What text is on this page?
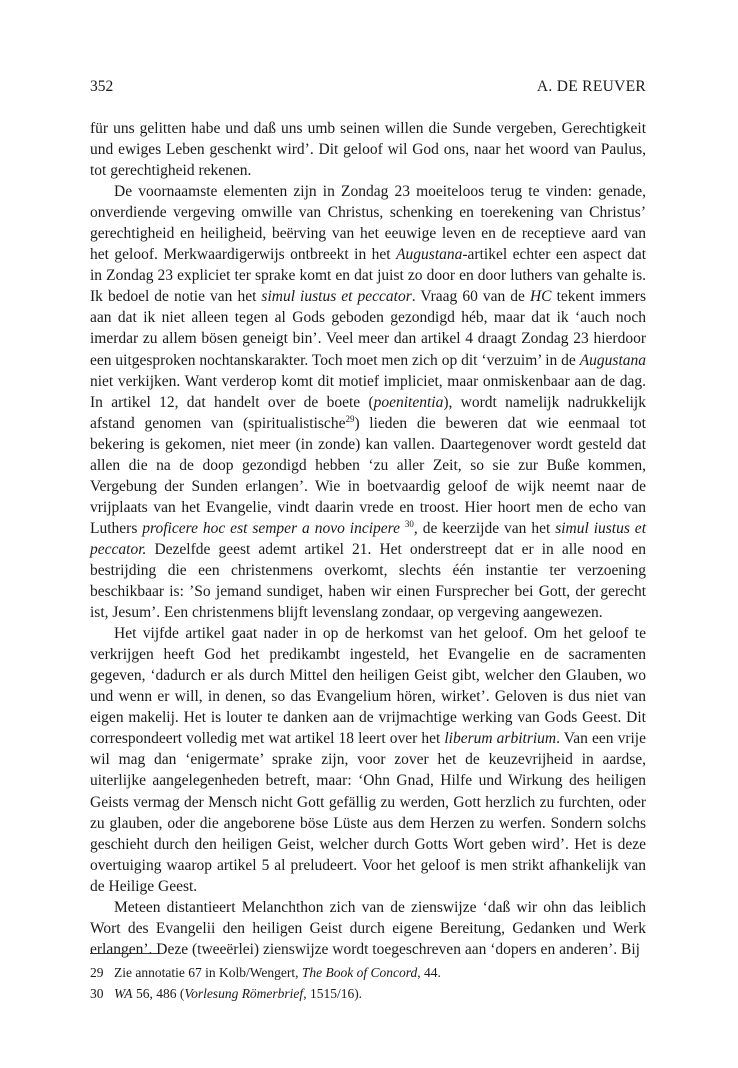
352	A. DE REUVER

für uns gelitten habe und daß uns umb seinen willen die Sunde vergeben, Gerechtigkeit und ewiges Leben geschenkt wird’. Dit geloof wil God ons, naar het woord van Paulus, tot gerechtigheid rekenen.

De voornaamste elementen zijn in Zondag 23 moeiteloos terug te vinden: genade, onverdiende vergeving omwille van Christus, schenking en toerekening van Christus’ gerechtigheid en heiligheid, beërving van het eeuwige leven en de receptieve aard van het geloof. Merkwaardigerwijs ontbreekt in het Augustana-artikel echter een aspect dat in Zondag 23 expliciet ter sprake komt en dat juist zo door en door luthers van gehalte is. Ik bedoel de notie van het simul iustus et peccator. Vraag 60 van de HC tekent immers aan dat ik niet alleen tegen al Gods geboden gezondigd héb, maar dat ik ‘auch noch imerdar zu allem bösen geneigt bin’. Veel meer dan artikel 4 draagt Zondag 23 hierdoor een uitgesproken nochtanskarakter. Toch moet men zich op dit ‘verzuim’ in de Augustana niet verkijken. Want verderop komt dit motief impliciet, maar onmiskenbaar aan de dag. In artikel 12, dat handelt over de boete (poenitentia), wordt namelijk nadrukkelijk afstand genomen van (spiritualistische$^{29}$) lieden die beweren dat wie eenmaal tot bekering is gekomen, niet meer (in zonde) kan vallen. Daartegenover wordt gesteld dat allen die na de doop gezondigd hebben ‘zu aller Zeit, so sie zur Buße kommen, Vergebung der Sunden erlangen’. Wie in boetvaardig geloof de wijk neemt naar de vrijplaats van het Evangelie, vindt daarin vrede en troost. Hier hoort men de echo van Luthers proficere hoc est semper a novo incipere $^{30}$, de keerzijde van het simul iustus et peccator. Dezelfde geest ademt artikel 21. Het onderstreept dat er in alle nood en bestrijding die een christenmens overkomt, slechts één instantie ter verzoening beschikbaar is: ’So jemand sundiget, haben wir einen Fursprecher bei Gott, der gerecht ist, Jesum’. Een christenmens blijft levenslang zondaar, op vergeving aangewezen.

Het vijfde artikel gaat nader in op de herkomst van het geloof. Om het geloof te verkrijgen heeft God het predikambt ingesteld, het Evangelie en de sacramenten gegeven, ‘dadurch er als durch Mittel den heiligen Geist gibt, welcher den Glauben, wo und wenn er will, in denen, so das Evangelium hören, wirket’. Geloven is dus niet van eigen makelij. Het is louter te danken aan de vrijmachtige werking van Gods Geest. Dit correspondeert volledig met wat artikel 18 leert over het liberum arbitrium. Van een vrije wil mag dan ‘enigermate’ sprake zijn, voor zover het de keuzevrijheid in aardse, uiterlijke aangelegenheden betreft, maar: ‘Ohn Gnad, Hilfe und Wirkung des heiligen Geists vermag der Mensch nicht Gott gefällig zu werden, Gott herzlich zu furchten, oder zu glauben, oder die angeborene böse Lüste aus dem Herzen zu werfen. Sondern solchs geschieht durch den heiligen Geist, welcher durch Gotts Wort geben wird’. Het is deze overtuiging waarop artikel 5 al preludeert. Voor het geloof is men strikt afhankelijk van de Heilige Geest.

Meteen distantieert Melanchthon zich van de zienswijze ‘daß wir ohn das leiblich Wort des Evangelii den heiligen Geist durch eigene Bereitung, Gedanken und Werk erlangen’. Deze (tweeërlei) zienswijze wordt toegeschreven aan ‘dopers en anderen’. Bij

29 Zie annotatie 67 in Kolb/Wengert, The Book of Concord, 44.
30 WA 56, 486 (Vorlesung Römerbrief, 1515/16).
